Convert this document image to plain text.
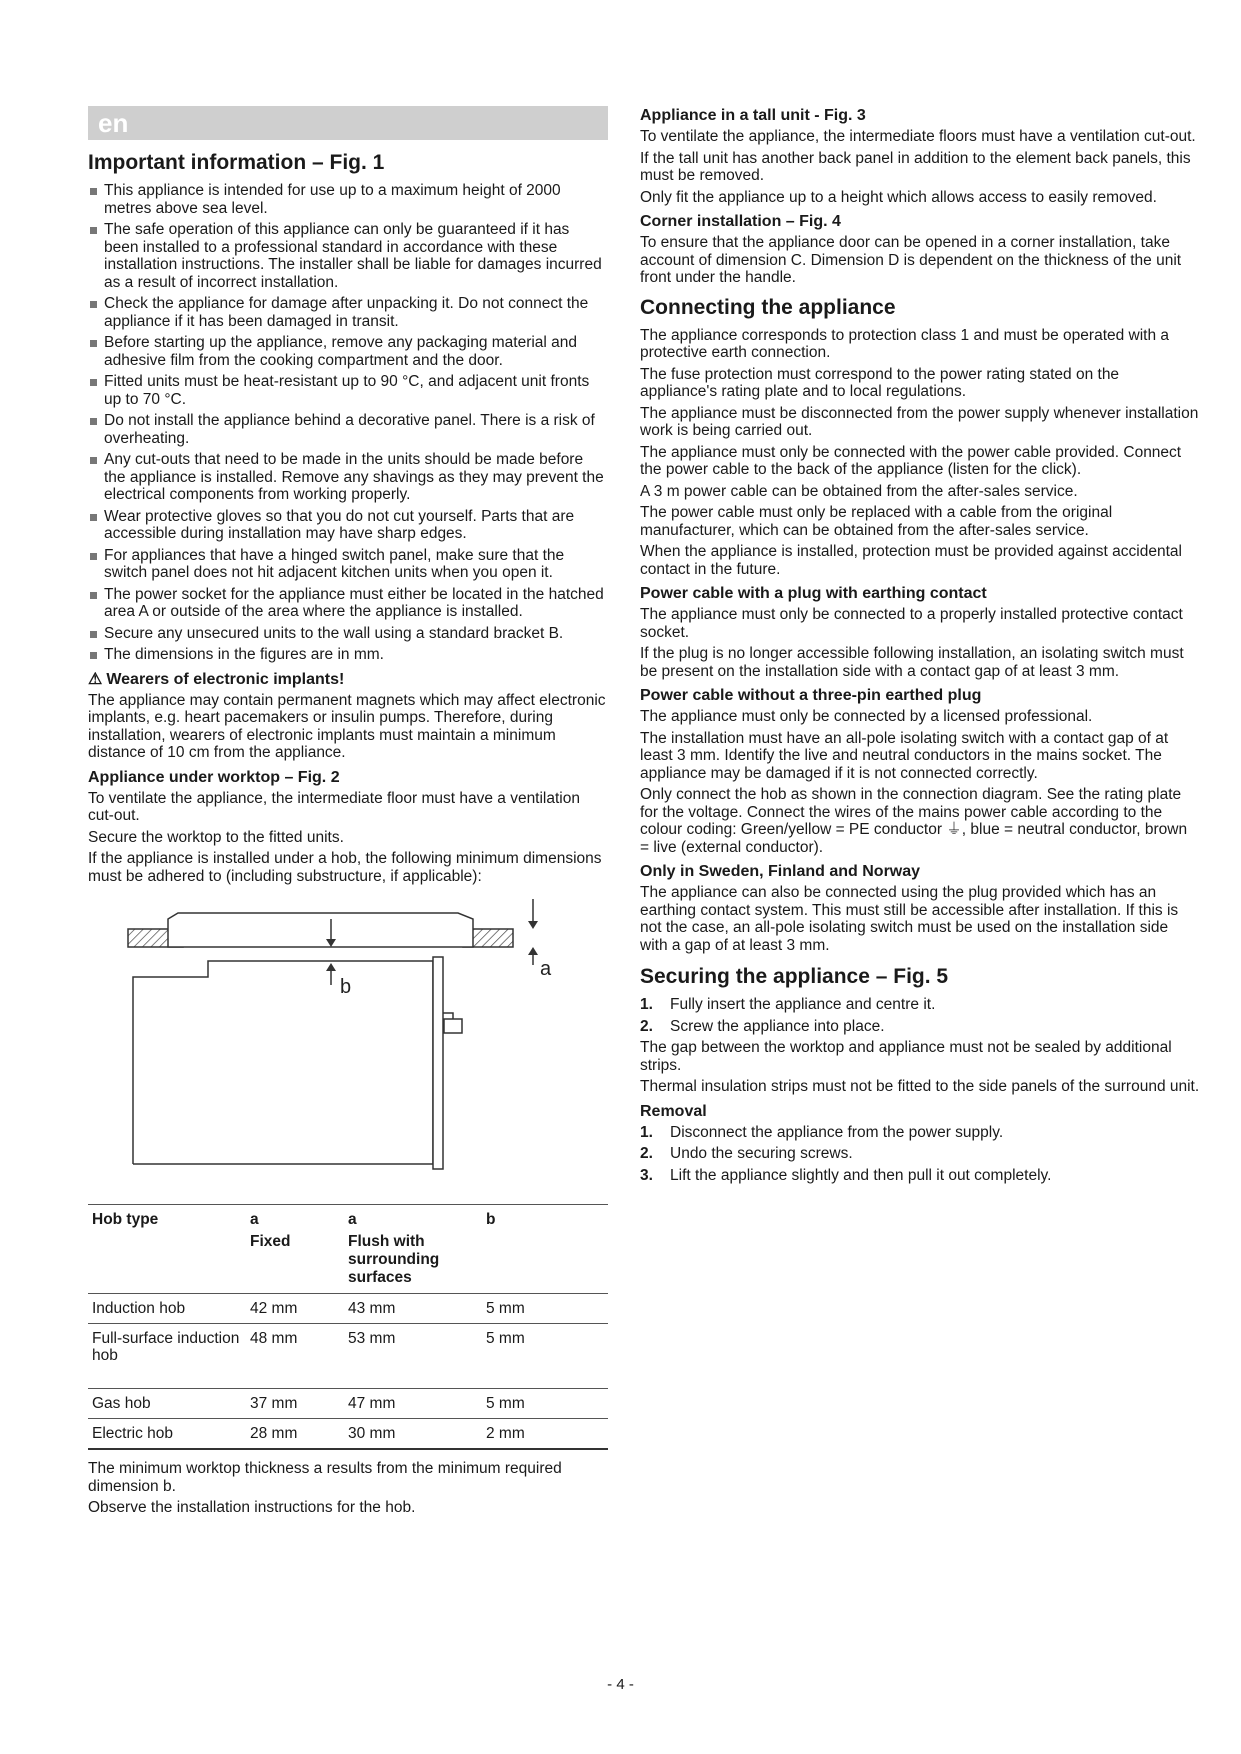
en
Important information – Fig. 1
This appliance is intended for use up to a maximum height of 2000 metres above sea level.
The safe operation of this appliance can only be guaranteed if it has been installed to a professional standard in accordance with these installation instructions. The installer shall be liable for damages incurred as a result of incorrect installation.
Check the appliance for damage after unpacking it. Do not connect the appliance if it has been damaged in transit.
Before starting up the appliance, remove any packaging material and adhesive film from the cooking compartment and the door.
Fitted units must be heat-resistant up to 90 °C, and adjacent unit fronts up to 70 °C.
Do not install the appliance behind a decorative panel. There is a risk of overheating.
Any cut-outs that need to be made in the units should be made before the appliance is installed. Remove any shavings as they may prevent the electrical components from working properly.
Wear protective gloves so that you do not cut yourself. Parts that are accessible during installation may have sharp edges.
For appliances that have a hinged switch panel, make sure that the switch panel does not hit adjacent kitchen units when you open it.
The power socket for the appliance must either be located in the hatched area A or outside of the area where the appliance is installed.
Secure any unsecured units to the wall using a standard bracket B.
The dimensions in the figures are in mm.
⚠ Wearers of electronic implants!

The appliance may contain permanent magnets which may affect electronic implants, e.g. heart pacemakers or insulin pumps. Therefore, during installation, wearers of electronic implants must maintain a minimum distance of 10 cm from the appliance.

Appliance under worktop – Fig. 2

To ventilate the appliance, the intermediate floor must have a ventilation cut-out.

Secure the worktop to the fitted units.

If the appliance is installed under a hob, the following minimum dimensions must be adhered to (including substructure, if applicable):

a
b
Hob type	a	a	b
	Fixed	Flush with surrounding surfaces	
Induction hob	42 mm	43 mm	5 mm
Full-surface induction hob	48 mm	53 mm	5 mm
Gas hob	37 mm	47 mm	5 mm
Electric hob	28 mm	30 mm	2 mm

The minimum worktop thickness a results from the minimum required dimension b.

Observe the installation instructions for the hob.

Appliance in a tall unit - Fig. 3

To ventilate the appliance, the intermediate floors must have a ventilation cut-out.

If the tall unit has another back panel in addition to the element back panels, this must be removed.

Only fit the appliance up to a height which allows access to easily removed.

Corner installation – Fig. 4

To ensure that the appliance door can be opened in a corner installation, take account of dimension C. Dimension D is dependent on the thickness of the unit front under the handle.

Connecting the appliance

The appliance corresponds to protection class 1 and must be operated with a protective earth connection.

The fuse protection must correspond to the power rating stated on the appliance's rating plate and to local regulations.

The appliance must be disconnected from the power supply whenever installation work is being carried out.

The appliance must only be connected with the power cable provided. Connect the power cable to the back of the appliance (listen for the click).

A 3 m power cable can be obtained from the after-sales service.

The power cable must only be replaced with a cable from the original manufacturer, which can be obtained from the after-sales service.

When the appliance is installed, protection must be provided against accidental contact in the future.

Power cable with a plug with earthing contact

The appliance must only be connected to a properly installed protective contact socket.

If the plug is no longer accessible following installation, an isolating switch must be present on the installation side with a contact gap of at least 3 mm.

Power cable without a three-pin earthed plug

The appliance must only be connected by a licensed professional.

The installation must have an all-pole isolating switch with a contact gap of at least 3 mm. Identify the live and neutral conductors in the mains socket. The appliance may be damaged if it is not connected correctly.

Only connect the hob as shown in the connection diagram. See the rating plate for the voltage. Connect the wires of the mains power cable according to the colour coding: Green/yellow = PE conductor ⏚, blue = neutral conductor, brown = live (external conductor).

Only in Sweden, Finland and Norway

The appliance can also be connected using the plug provided which has an earthing contact system. This must still be accessible after installation. If this is not the case, an all-pole isolating switch must be used on the installation side with a gap of at least 3 mm.

Securing the appliance – Fig. 5
1.	Fully insert the appliance and centre it.
2.	Screw the appliance into place.

The gap between the worktop and appliance must not be sealed by additional strips.

Thermal insulation strips must not be fitted to the side panels of the surround unit.

Removal
1.	Disconnect the appliance from the power supply.
2.	Undo the securing screws.
3.	Lift the appliance slightly and then pull it out completely.
- 4 -
